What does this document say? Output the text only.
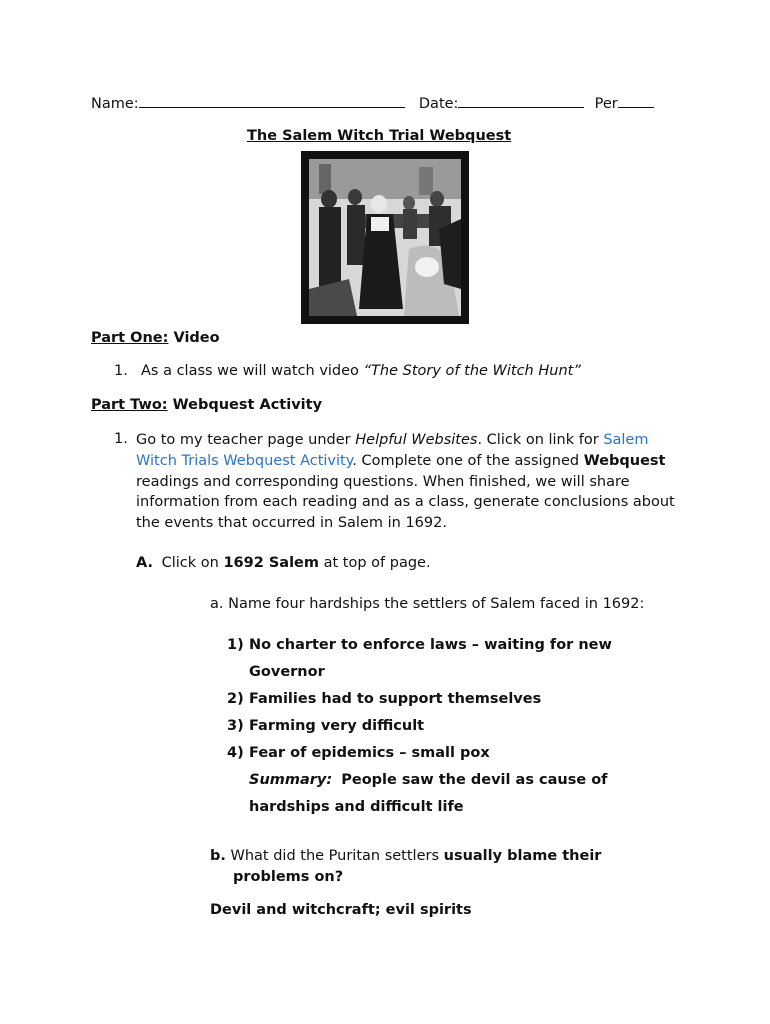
Name:	Date:	Per
The Salem Witch Trial Webquest
Part One: Video
1. As a class we will watch video “The Story of the Witch Hunt”
Part Two: Webquest Activity
1. Go to my teacher page under Helpful Websites. Click on link for Salem Witch Trials Webquest Activity. Complete one of the assigned Webquest readings and corresponding questions. When finished, we will share information from each reading and as a class, generate conclusions about the events that occurred in Salem in 1692.
A. Click on 1692 Salem at top of page.
a. Name four hardships the settlers of Salem faced in 1692:
1) No charter to enforce laws – waiting for new
Governor
2) Families had to support themselves
3) Farming very difficult
4) Fear of epidemics – small pox
Summary: People saw the devil as cause of
hardships and difficult life
b. What did the Puritan settlers usually blame their
problems on?
Devil and witchcraft; evil spirits
